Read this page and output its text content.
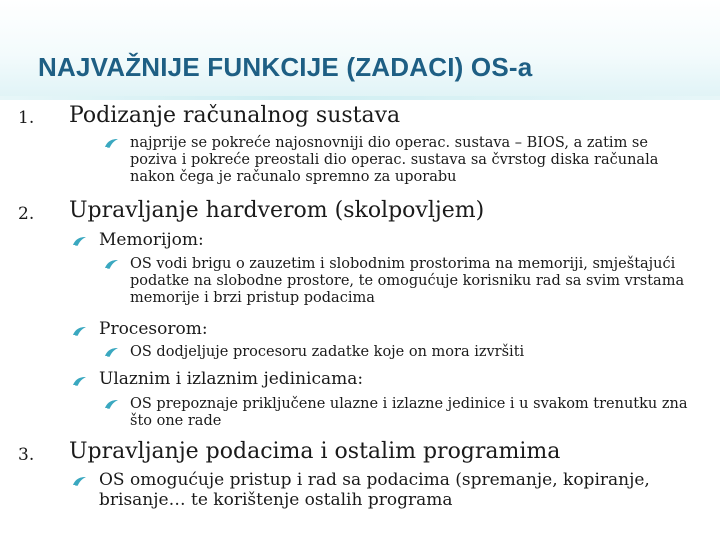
NAJVAŽNIJE FUNKCIJE (ZADACI) OS-a
1. Podizanje računalnog sustava
najprije se pokreće najosnovniji dio operac. sustava – BIOS, a zatim se poziva i pokreće preostali dio operac. sustava sa čvrstog diska računala nakon čega je računalo spremno za uporabu
2. Upravljanje hardverom (skolpovljem)
Memorijom:
OS vodi brigu o zauzetim i slobodnim prostorima na memoriji, smještajući podatke na slobodne prostore, te omogućuje korisniku rad sa svim vrstama memorije i brzi pristup podacima
Procesorom:
OS dodjeljuje procesoru zadatke koje on mora izvršiti
Ulaznim i izlaznim jedinicama:
OS prepoznaje priključene ulazne i izlazne jedinice i u svakom trenutku zna što one rade
3. Upravljanje podacima i ostalim programima
OS omogućuje pristup i rad sa podacima (spremanje, kopiranje, brisanje… te korištenje ostalih programa
